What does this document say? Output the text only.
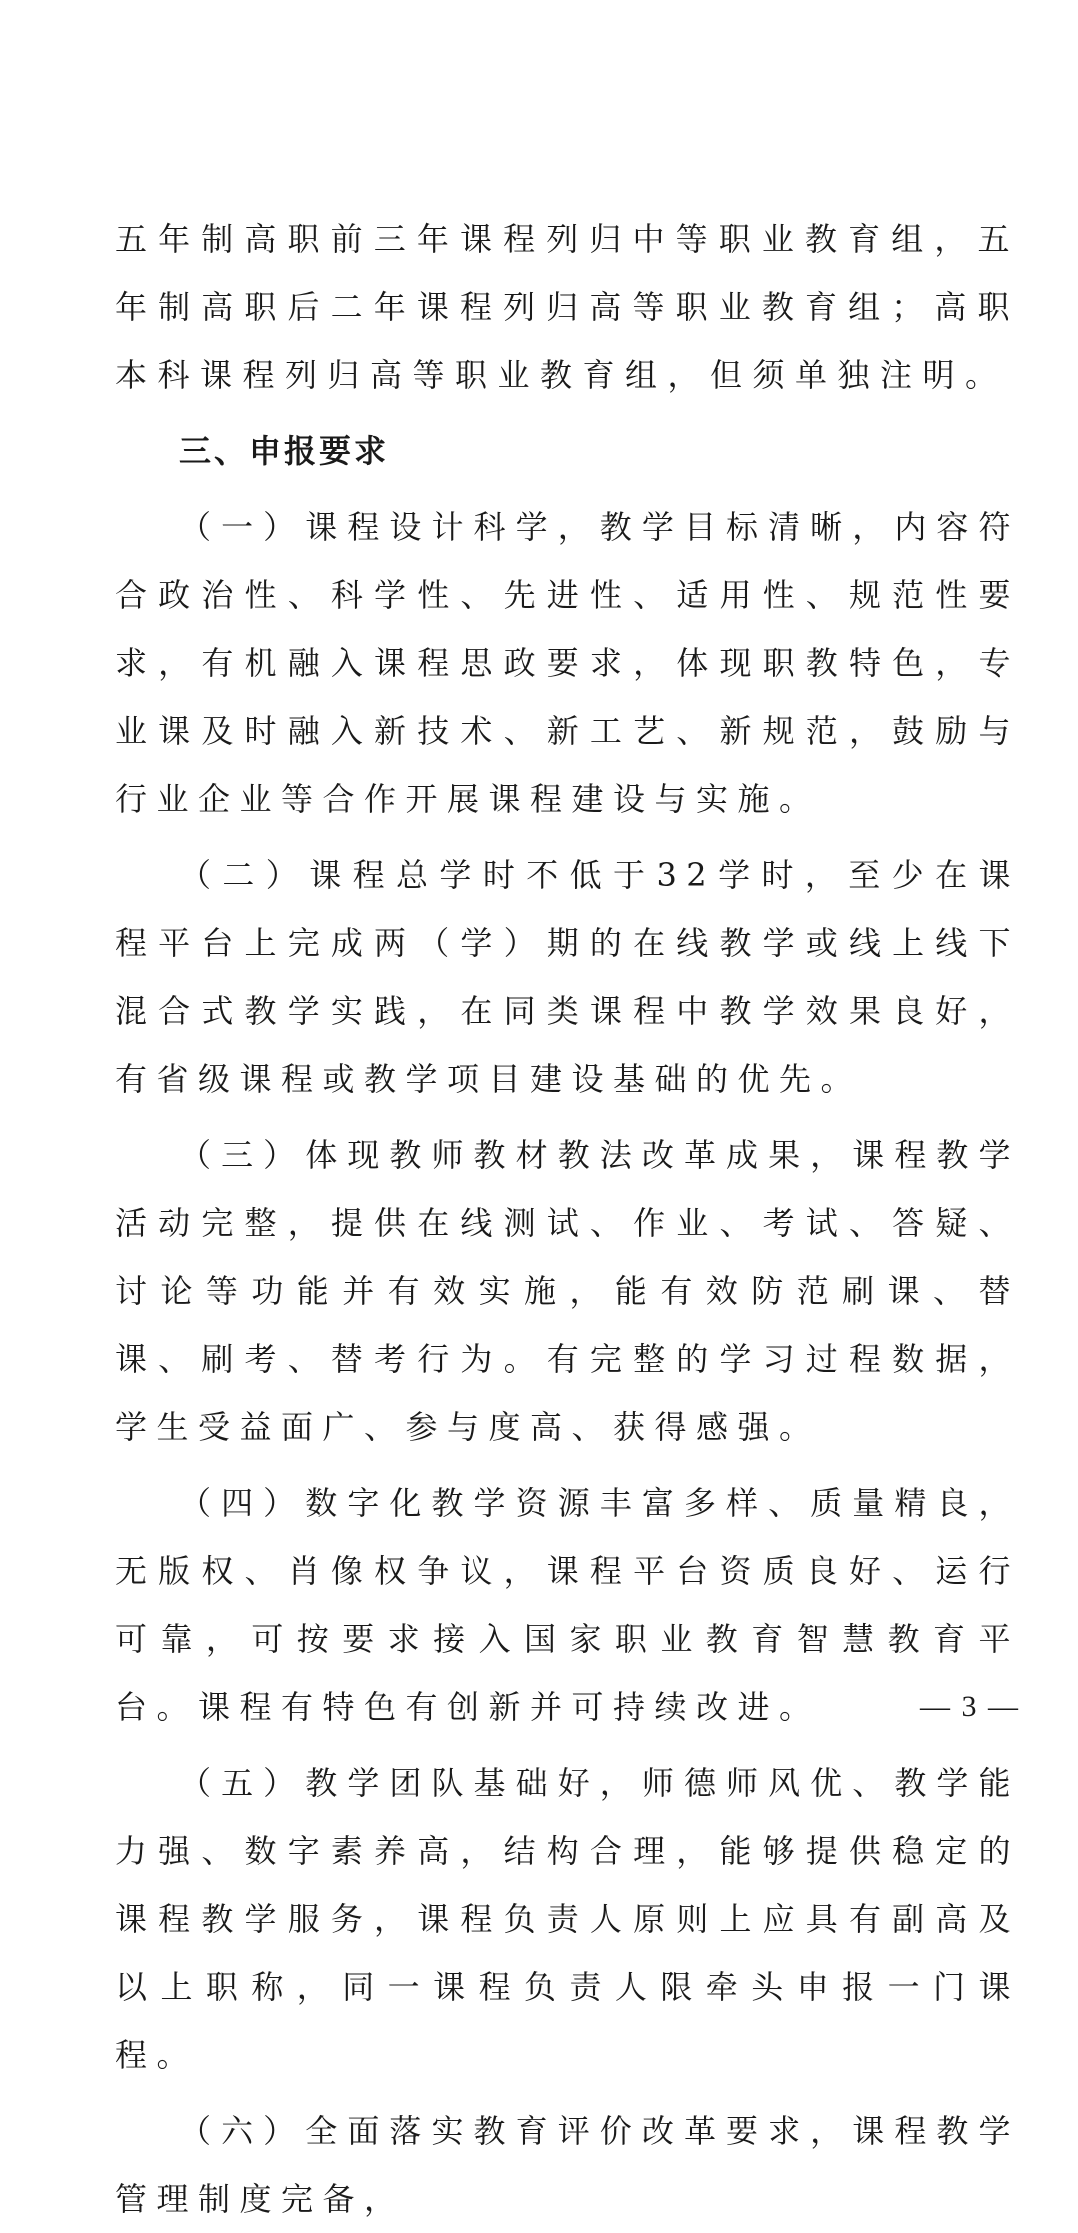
五年制高职前三年课程列归中等职业教育组，五年制高职后二年课程列归高等职业教育组；高职本科课程列归高等职业教育组，但须单独注明。

三、申报要求

（一）课程设计科学，教学目标清晰，内容符合政治性、科学性、先进性、适用性、规范性要求，有机融入课程思政要求，体现职教特色，专业课及时融入新技术、新工艺、新规范，鼓励与行业企业等合作开展课程建设与实施。

（二）课程总学时不低于32学时，至少在课程平台上完成两（学）期的在线教学或线上线下混合式教学实践，在同类课程中教学效果良好，有省级课程或教学项目建设基础的优先。

（三）体现教师教材教法改革成果，课程教学活动完整，提供在线测试、作业、考试、答疑、讨论等功能并有效实施，能有效防范刷课、替课、刷考、替考行为。有完整的学习过程数据，学生受益面广、参与度高、获得感强。

（四）数字化教学资源丰富多样、质量精良，无版权、肖像权争议，课程平台资质良好、运行可靠，可按要求接入国家职业教育智慧教育平台。课程有特色有创新并可持续改进。

（五）教学团队基础好，师德师风优、教学能力强、数字素养高，结构合理，能够提供稳定的课程教学服务，课程负责人原则上应具有副高及以上职称，同一课程负责人限牵头申报一门课程。

（六）全面落实教育评价改革要求，课程教学管理制度完备，

— 3 —
